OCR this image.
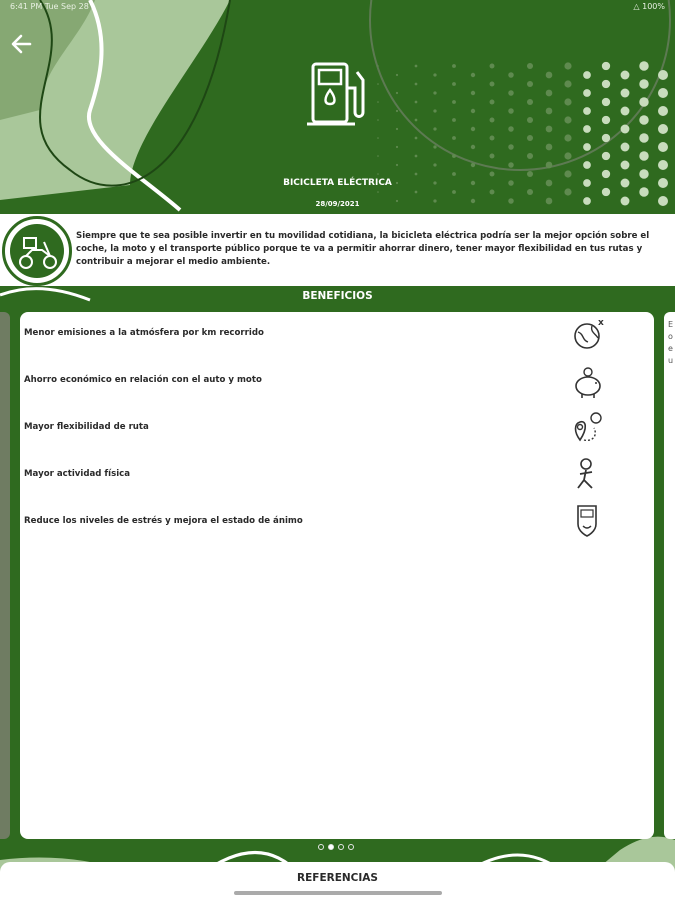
6:41 PM Tue Sep 28	△ 100%
BICICLETA ELÉCTRICA
28/09/2021
Siempre que te sea posible invertir en tu movilidad cotidiana, la bicicleta eléctrica podría ser la mejor opción sobre el coche, la moto y el transporte público porque te va a permitir ahorrar dinero, tener mayor flexibilidad en tus rutas y contribuir a mejorar el medio ambiente.
BENEFICIOS
E
o
e
u
Menor emisiones a la atmósfera por km recorrido
Ahorro económico en relación con el auto y moto
Mayor flexibilidad de ruta
Mayor actividad física
Reduce los niveles de estrés y mejora el estado de ánimo
x
REFERENCIAS
